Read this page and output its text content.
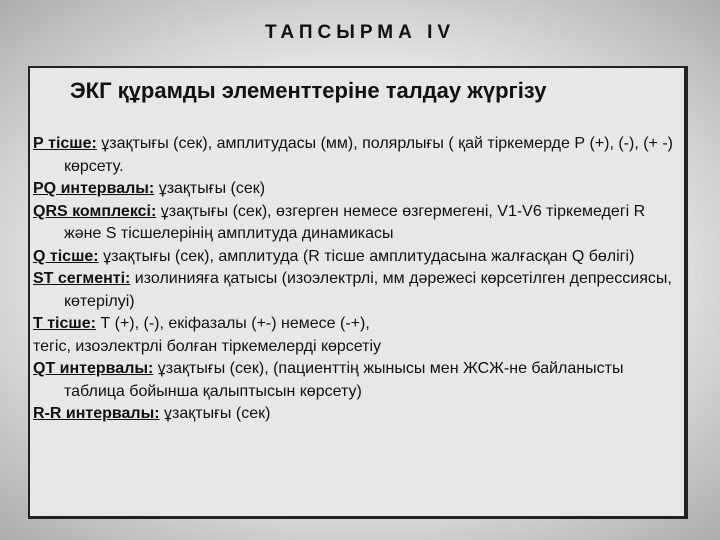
ТАПСЫРМА IV
ЭКГ құрамды элементтеріне талдау жүргізу

Р тісше: ұзақтығы (сек), амплитудасы (мм), полярлығы ( қай тіркемерде Р (+), (-), (+ -) көрсету.

PQ интервалы: ұзақтығы (сек)

QRS комплексі: ұзақтығы (сек), өзгерген немесе өзгермегені, V1-V6 тіркемедегі R және S тісшелерінің амплитуда динамикасы

Q тісше: ұзақтығы (сек), амплитуда (R тісше амплитудасына жалғасқан Q бөлігі)

ST сегменті: изолинияға қатысы (изоэлектрлі, мм дәрежесі көрсетілген депрессиясы, көтерілуі)

T тісше: Т (+), (-), екіфазалы (+-) немесе (-+),

тегіс, изоэлектрлі болған тіркемелерді көрсетіу

QT интервалы: ұзақтығы (сек), (пациенттің жынысы мен ЖСЖ-не байланысты таблица бойынша қалыптысын көрсету)

R-R интервалы: ұзақтығы (сек)
